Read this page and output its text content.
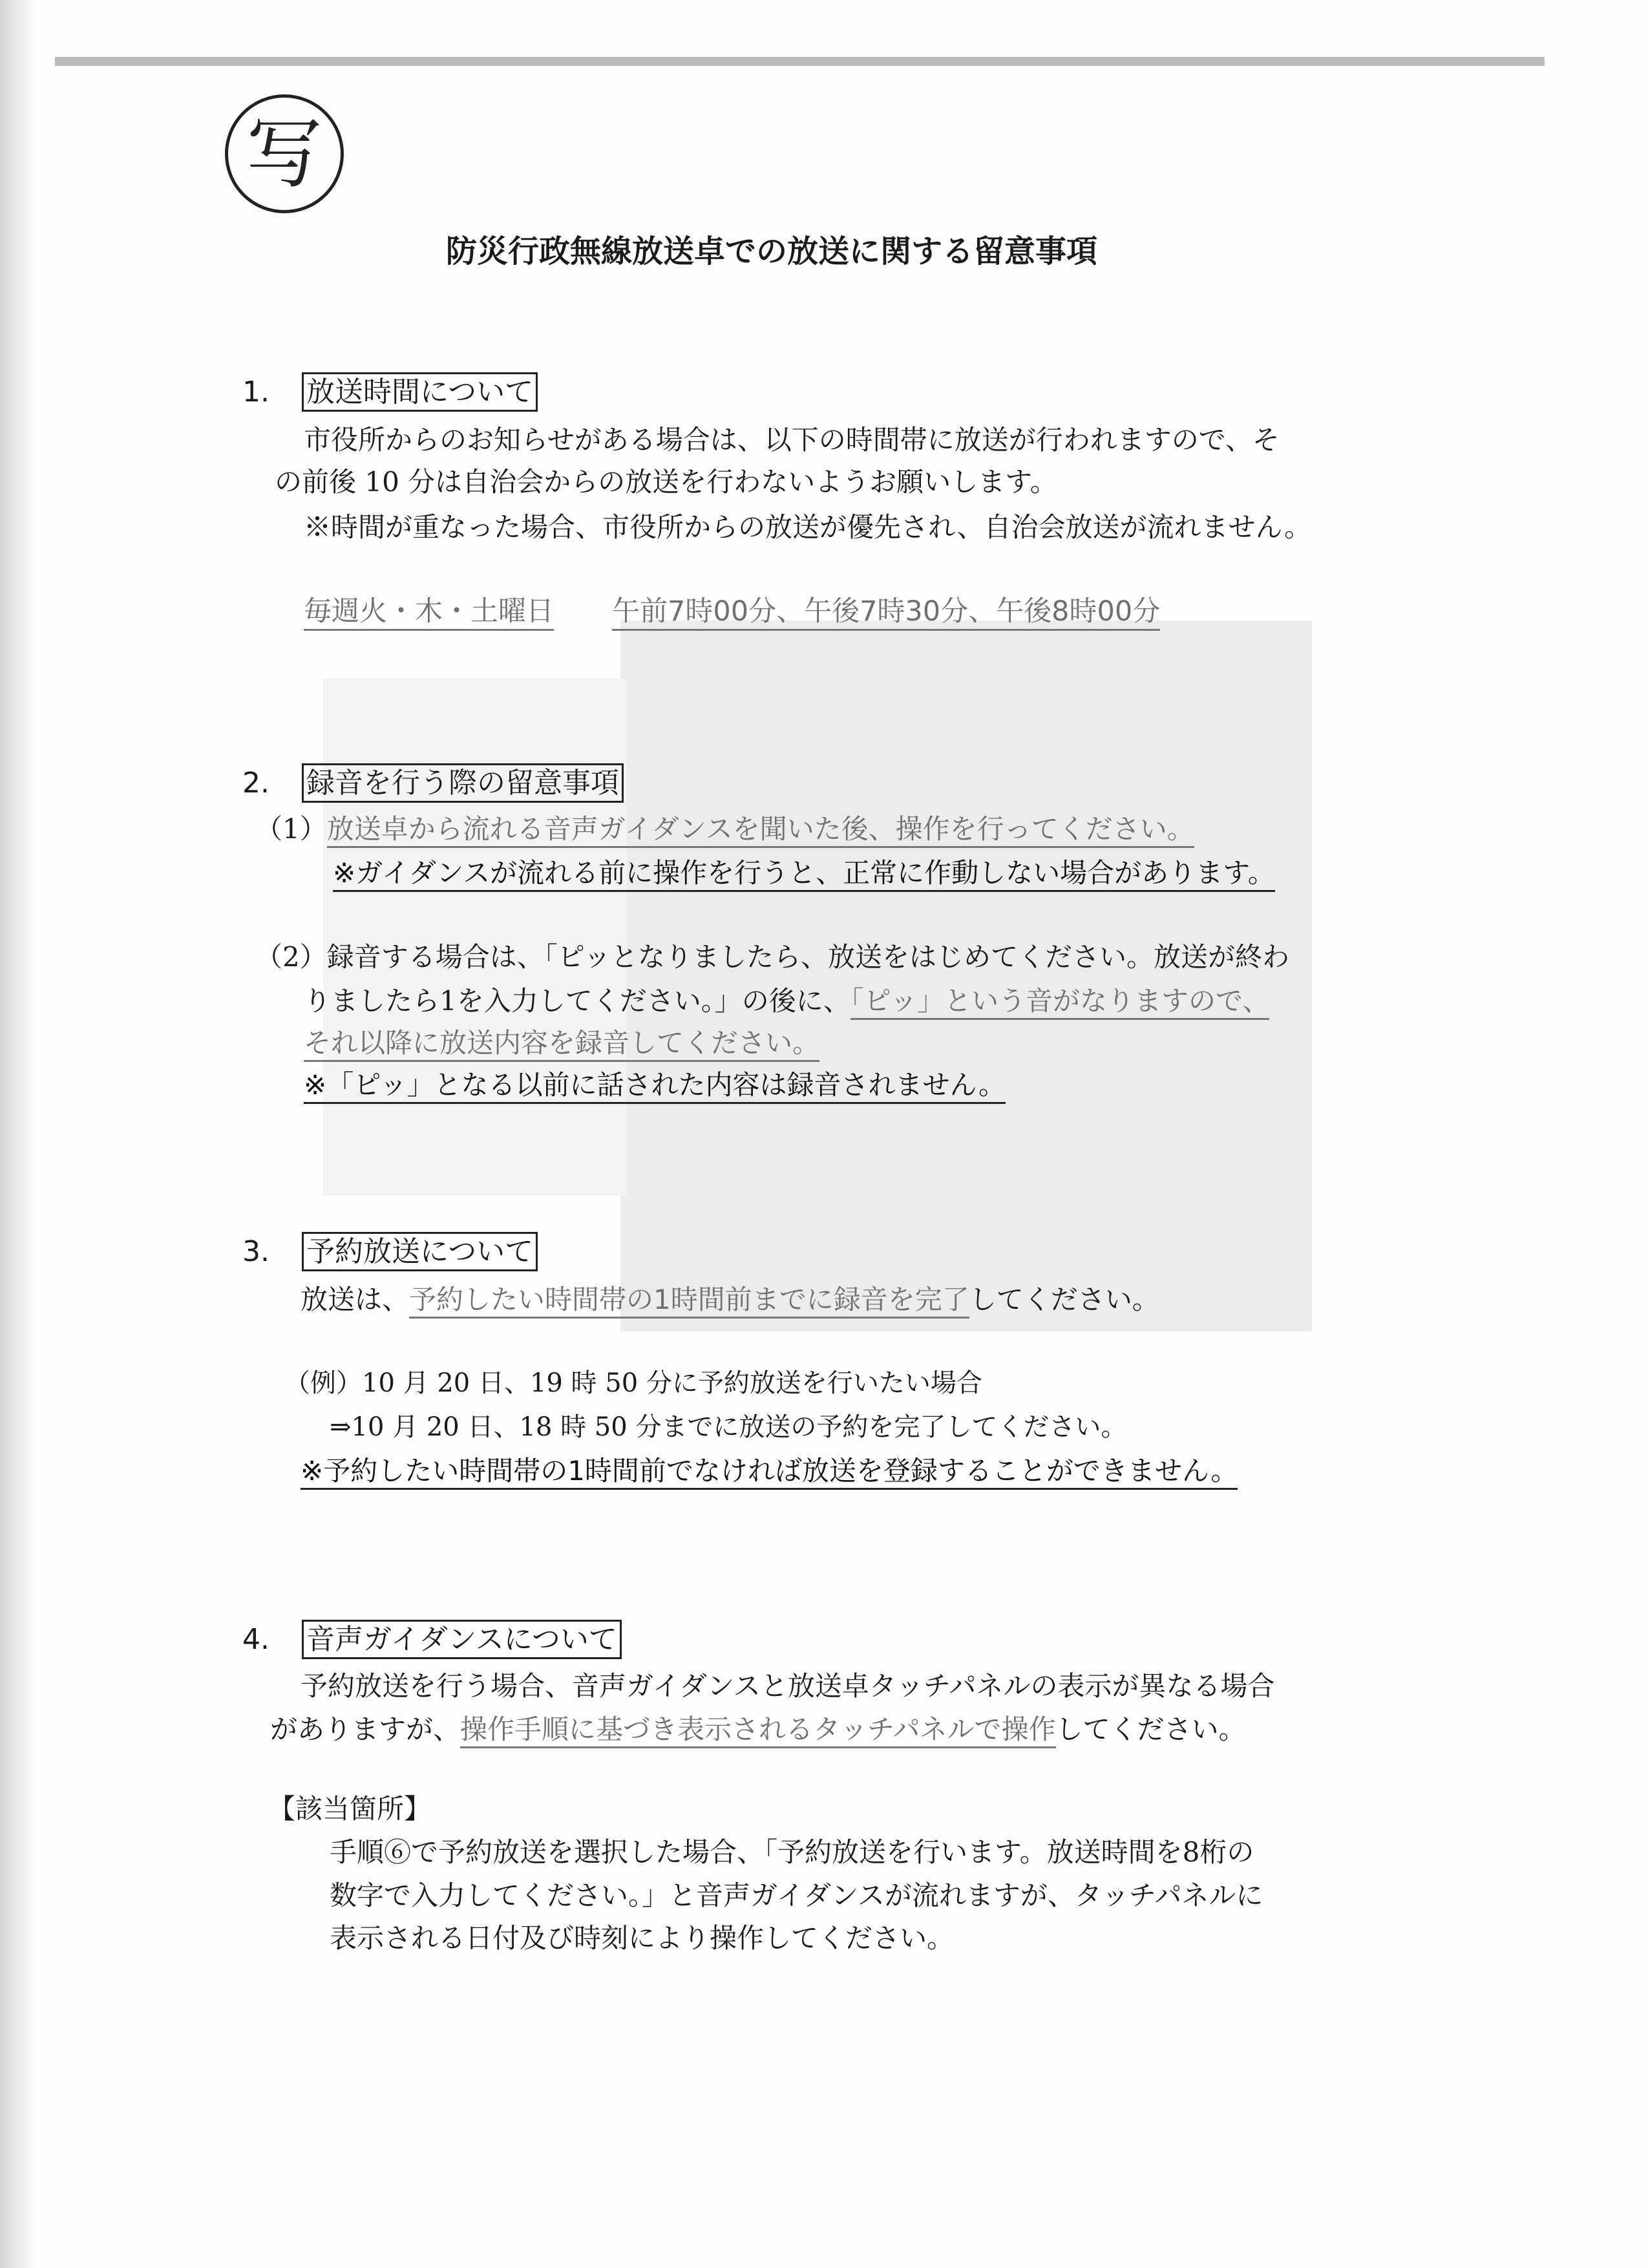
写
防災行政無線放送卓での放送に関する留意事項
1. 放送時間について
市役所からのお知らせがある場合は、以下の時間帯に放送が行われますので、そ
の前後 10 分は自治会からの放送を行わないようお願いします。
※時間が重なった場合、市役所からの放送が優先され、自治会放送が流れません。
毎週火・木・土曜日 午前7時00分、午後7時30分、午後8時00分
2. 録音を行う際の留意事項
（1）放送卓から流れる音声ガイダンスを聞いた後、操作を行ってください。
※ガイダンスが流れる前に操作を行うと、正常に作動しない場合があります。
（2）録音する場合は、「ピッとなりましたら、放送をはじめてください。放送が終わ
りましたら1を入力してください。」の後に、「ピッ」という音がなりますので、
それ以降に放送内容を録音してください。
※「ピッ」となる以前に話された内容は録音されません。
3. 予約放送について
放送は、予約したい時間帯の1時間前までに録音を完了してください。
（例）10 月 20 日、19 時 50 分に予約放送を行いたい場合
⇒10 月 20 日、18 時 50 分までに放送の予約を完了してください。
※予約したい時間帯の1時間前でなければ放送を登録することができません。
4. 音声ガイダンスについて
予約放送を行う場合、音声ガイダンスと放送卓タッチパネルの表示が異なる場合
がありますが、操作手順に基づき表示されるタッチパネルで操作してください。
【該当箇所】
手順⑥で予約放送を選択した場合、「予約放送を行います。放送時間を8桁の
数字で入力してください。」と音声ガイダンスが流れますが、タッチパネルに
表示される日付及び時刻により操作してください。
